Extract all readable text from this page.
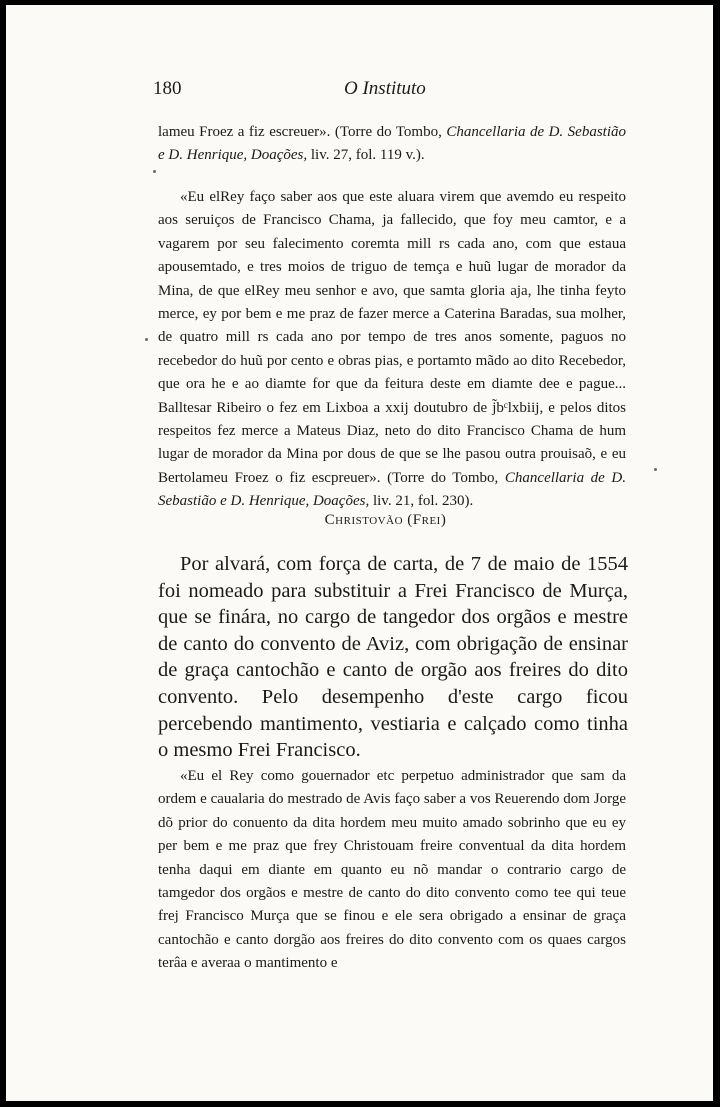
180	O Instituto

lameu Froez a fiz escreuer». (Torre do Tombo, Chancellaria de D. Sebastião e D. Henrique, Doações, liv. 27, fol. 119 v.).

«Eu elRey faço saber aos que este aluara virem que avemdo eu respeito aos seruiços de Francisco Chama, ja fallecido, que foy meu camtor, e a vagarem por seu falecimento coremta mill rs cada ano, com que estaua apousemtado, e tres moios de triguo de temça e huũ lugar de morador da Mina, de que elRey meu senhor e avo, que samta gloria aja, lhe tinha feyto merce, ey por bem e me praz de fazer merce a Caterina Baradas, sua molher, de quatro mill rs cada ano por tempo de tres anos somente, paguos no recebedor do huũ por cento e obras pias, e portamto mãdo ao dito Recebedor, que ora he e ao diamte for que da feitura deste em diamte dee e pague... Balltesar Ribeiro o fez em Lixboa a xxij doutubro de j̃bᶜlxbiij, e pelos ditos respeitos fez merce a Mateus Diaz, neto do dito Francisco Chama de hum lugar de morador da Mina por dous de que se lhe pasou outra prouisaõ, e eu Bertolameu Froez o fiz escpreuer». (Torre do Tombo, Chancellaria de D. Sebastião e D. Henrique, Doações, liv. 21, fol. 230).

Christovão (Frei)

Por alvará, com força de carta, de 7 de maio de 1554 foi nomeado para substituir a Frei Francisco de Murça, que se finára, no cargo de tangedor dos orgãos e mestre de canto do convento de Aviz, com obrigação de ensinar de graça cantochão e canto de orgão aos freires do dito convento. Pelo desempenho d'este cargo ficou percebendo mantimento, vestiaria e calçado como tinha o mesmo Frei Francisco.

«Eu el Rey como gouernador etc perpetuo administrador que sam da ordem e caualaria do mestrado de Avis faço saber a vos Reuerendo dom Jorge dõ prior do conuento da dita hordem meu muito amado sobrinho que eu ey per bem e me praz que frey Christouam freire conventual da dita hordem tenha daqui em diante em quanto eu nõ mandar o contrario cargo de tamgedor dos orgãos e mestre de canto do dito convento como tee qui teue frej Francisco Murça que se finou e ele sera obrigado a ensinar de graça cantochão e canto dorgão aos freires do dito convento com os quaes cargos terâa e averaa o mantimento e
